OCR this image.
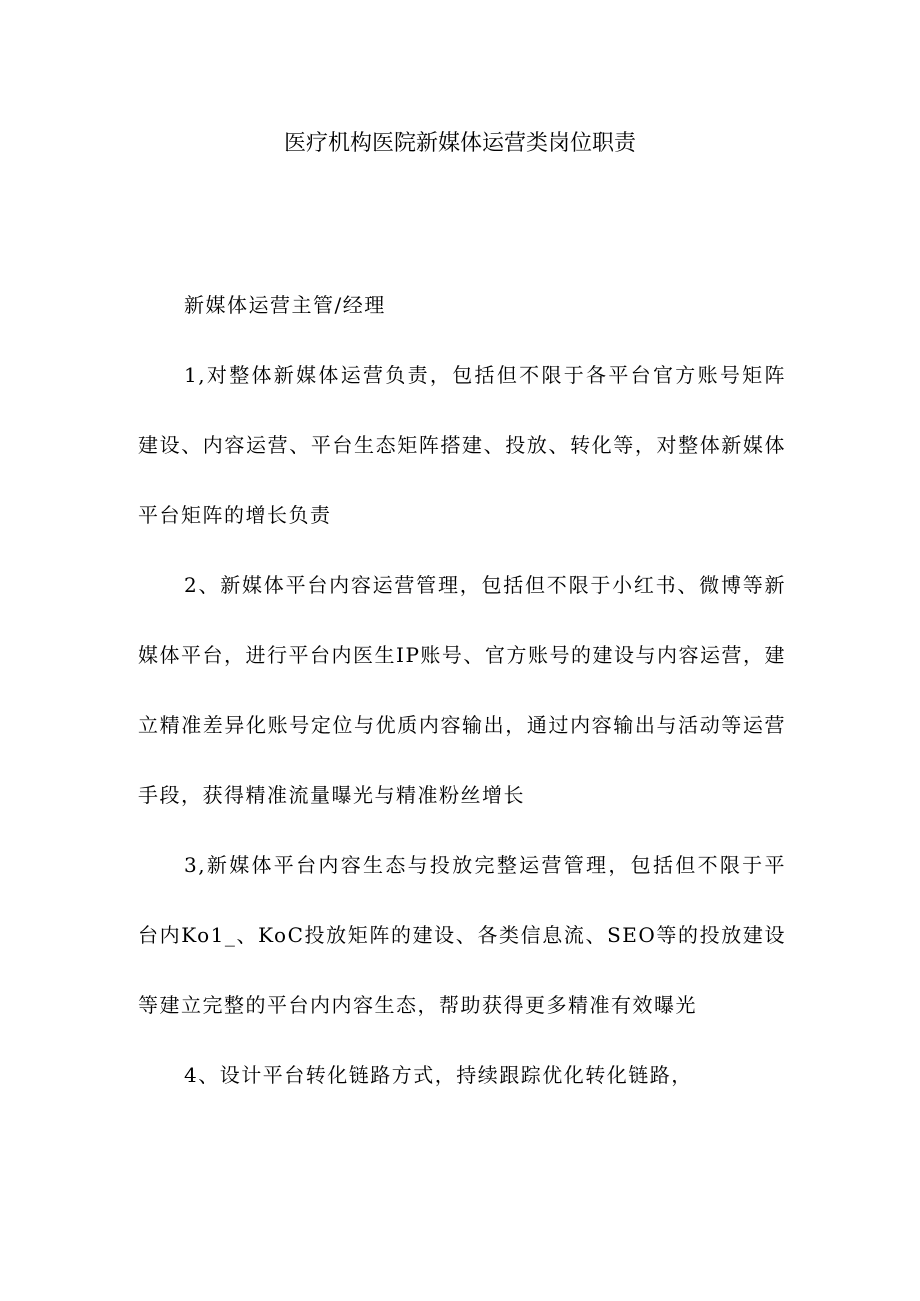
医疗机构医院新媒体运营类岗位职责

新媒体运营主管/经理

1,对整体新媒体运营负责，包括但不限于各平台官方账号矩阵建设、内容运营、平台生态矩阵搭建、投放、转化等，对整体新媒体平台矩阵的增长负责

2、新媒体平台内容运营管理，包括但不限于小红书、微博等新媒体平台，进行平台内医生IP账号、官方账号的建设与内容运营，建立精准差异化账号定位与优质内容输出，通过内容输出与活动等运营手段，获得精准流量曝光与精准粉丝增长

3,新媒体平台内容生态与投放完整运营管理，包括但不限于平台内Ko1_、KoC投放矩阵的建设、各类信息流、SEO等的投放建设等建立完整的平台内内容生态，帮助获得更多精准有效曝光

4、设计平台转化链路方式，持续跟踪优化转化链路，
